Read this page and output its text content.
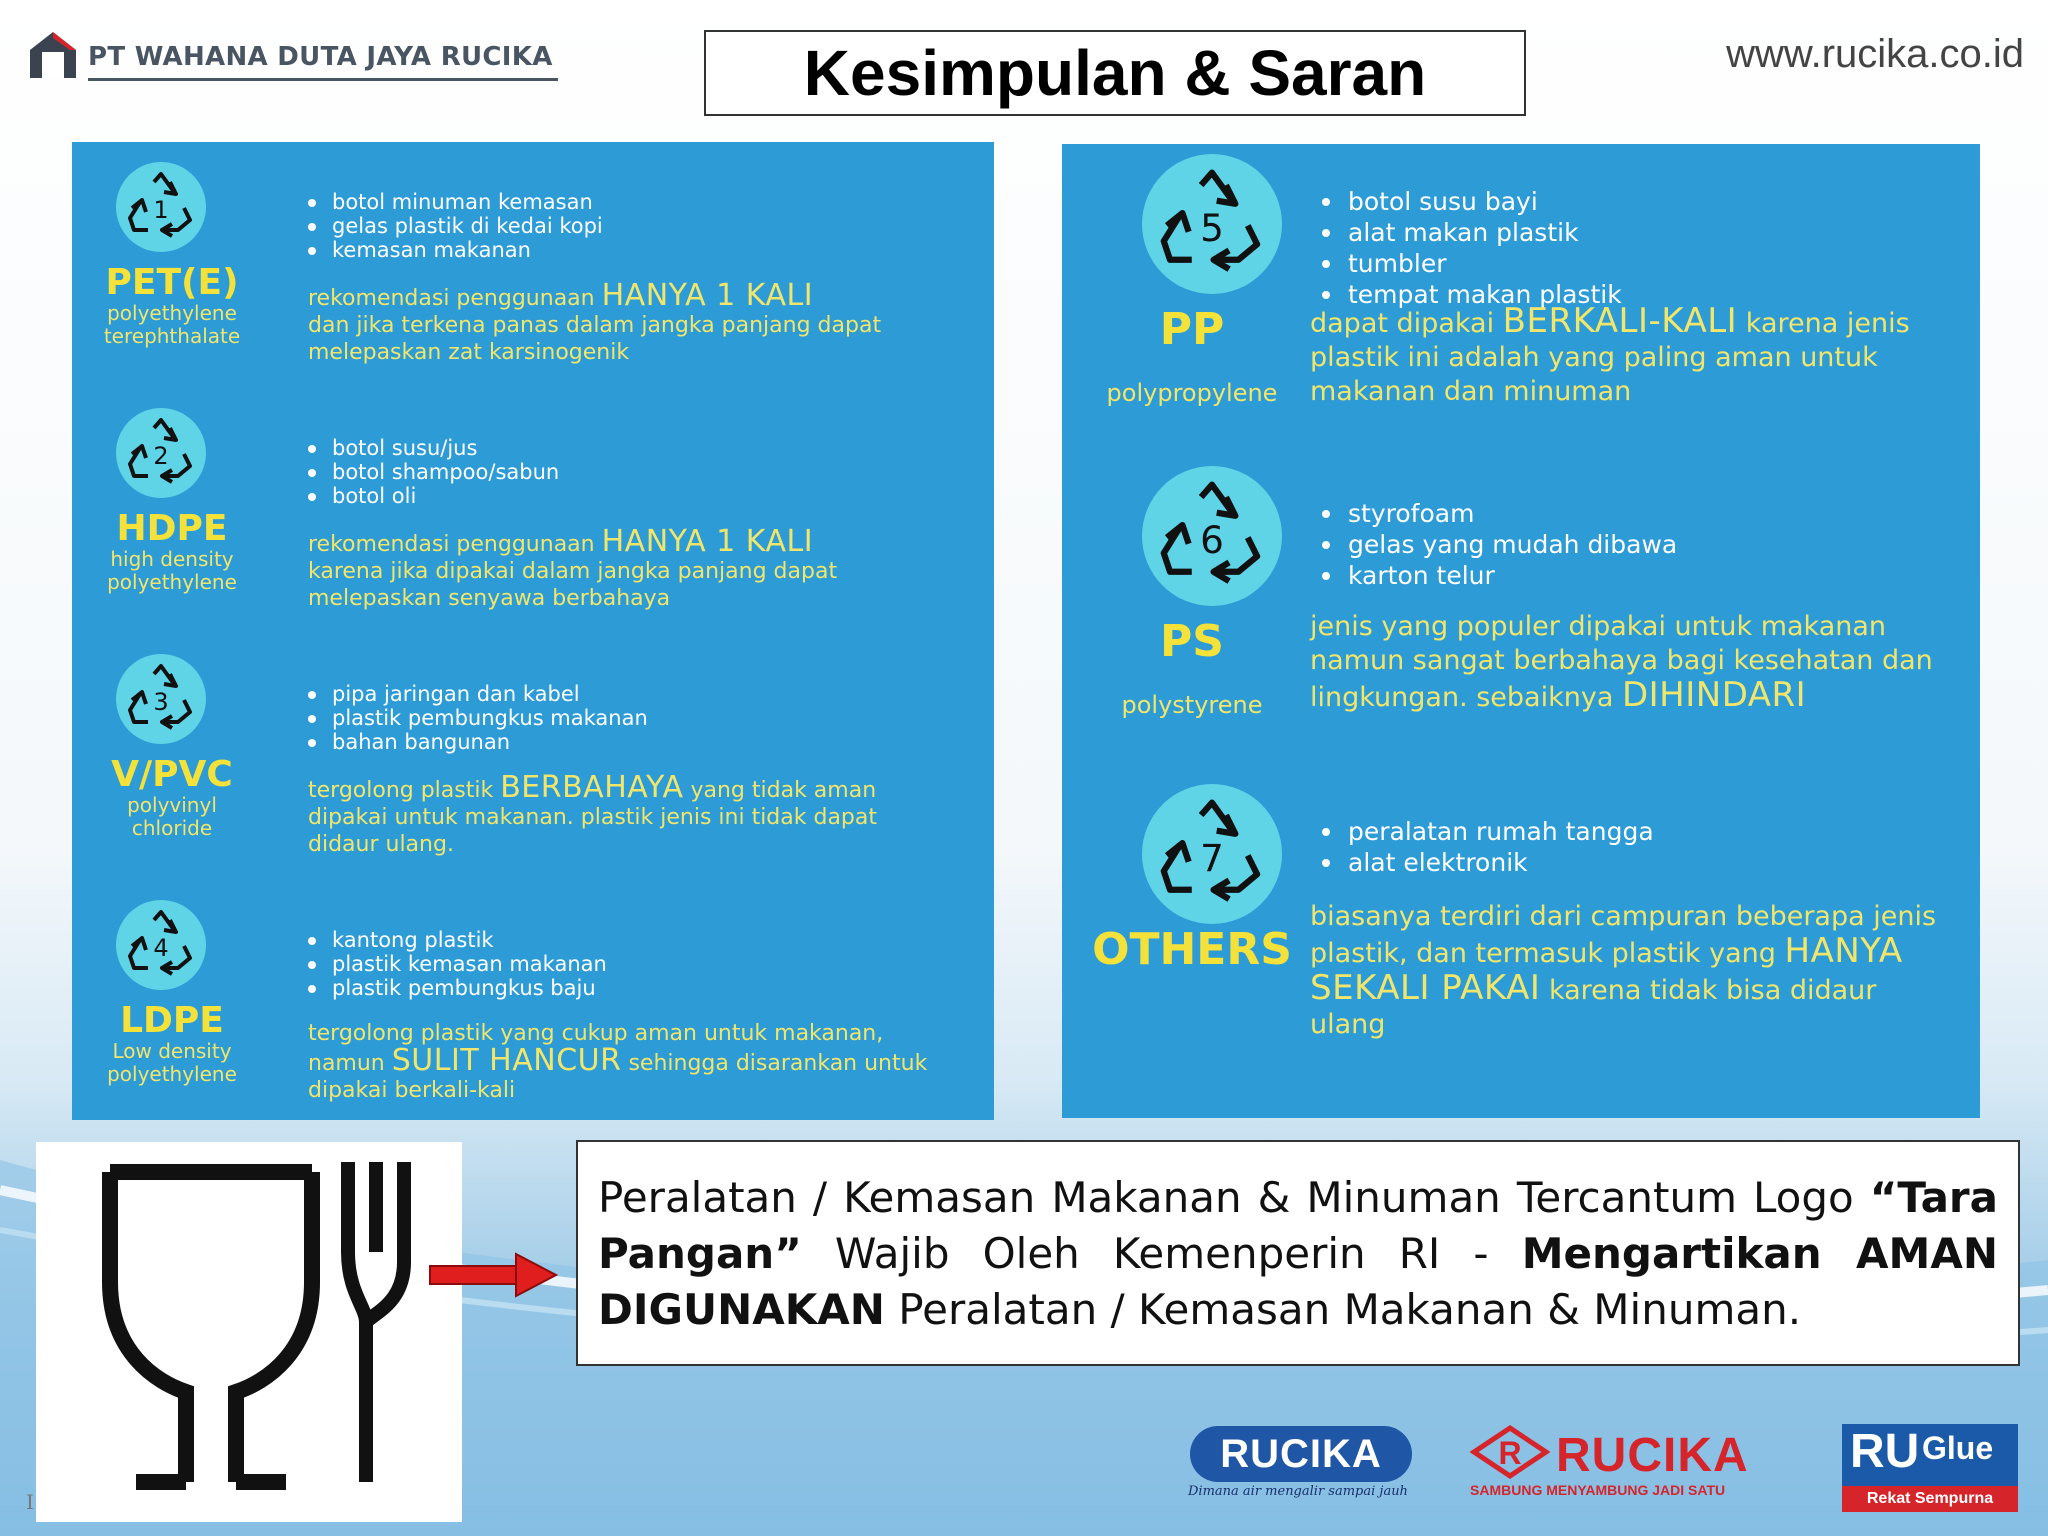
PT WAHANA DUTA JAYA RUCIKA	Kesimpulan & Saran	www.rucika.co.id
1
PET(E)
polyethylene
terephthalate
botol minuman kemasan
gelas plastik di kedai kopi
kemasan makanan
rekomendasi penggunaan HANYA 1 KALI
dan jika terkena panas dalam jangka panjang dapat melepaskan zat karsinogenik
2
HDPE
high density
polyethylene
botol susu/jus
botol shampoo/sabun
botol oli
rekomendasi penggunaan HANYA 1 KALI
karena jika dipakai dalam jangka panjang dapat melepaskan senyawa berbahaya
3
V/PVC
polyvinyl
chloride
pipa jaringan dan kabel
plastik pembungkus makanan
bahan bangunan
tergolong plastik BERBAHAYA yang tidak aman dipakai untuk makanan. plastik jenis ini tidak dapat didaur ulang.
4
LDPE
Low density
polyethylene
kantong plastik
plastik kemasan makanan
plastik pembungkus baju
tergolong plastik yang cukup aman untuk makanan, namun SULIT HANCUR sehingga disarankan untuk dipakai berkali-kali
5
PP
polypropylene
botol susu bayi
alat makan plastik
tumbler
tempat makan plastik
dapat dipakai BERKALI-KALI karena jenis plastik ini adalah yang paling aman untuk makanan dan minuman
6
PS
polystyrene
styrofoam
gelas yang mudah dibawa
karton telur
jenis yang populer dipakai untuk makanan namun sangat berbahaya bagi kesehatan dan lingkungan. sebaiknya DIHINDARI
7
OTHERS
peralatan rumah tangga
alat elektronik
biasanya terdiri dari campuran beberapa jenis plastik, dan termasuk plastik yang HANYA SEKALI PAKAI karena tidak bisa didaur ulang

Peralatan / Kemasan Makanan & Minuman Tercantum Logo “Tara Pangan” Wajib Oleh Kemenperin RI - Mengartikan AMAN DIGUNAKAN Peralatan / Kemasan Makanan & Minuman.

RUCIKA
Dimana air mengalir sampai jauh
R RUCIKA
SAMBUNG MENYAMBUNG JADI SATU
RU Glue
Rekat Sempurna
I
